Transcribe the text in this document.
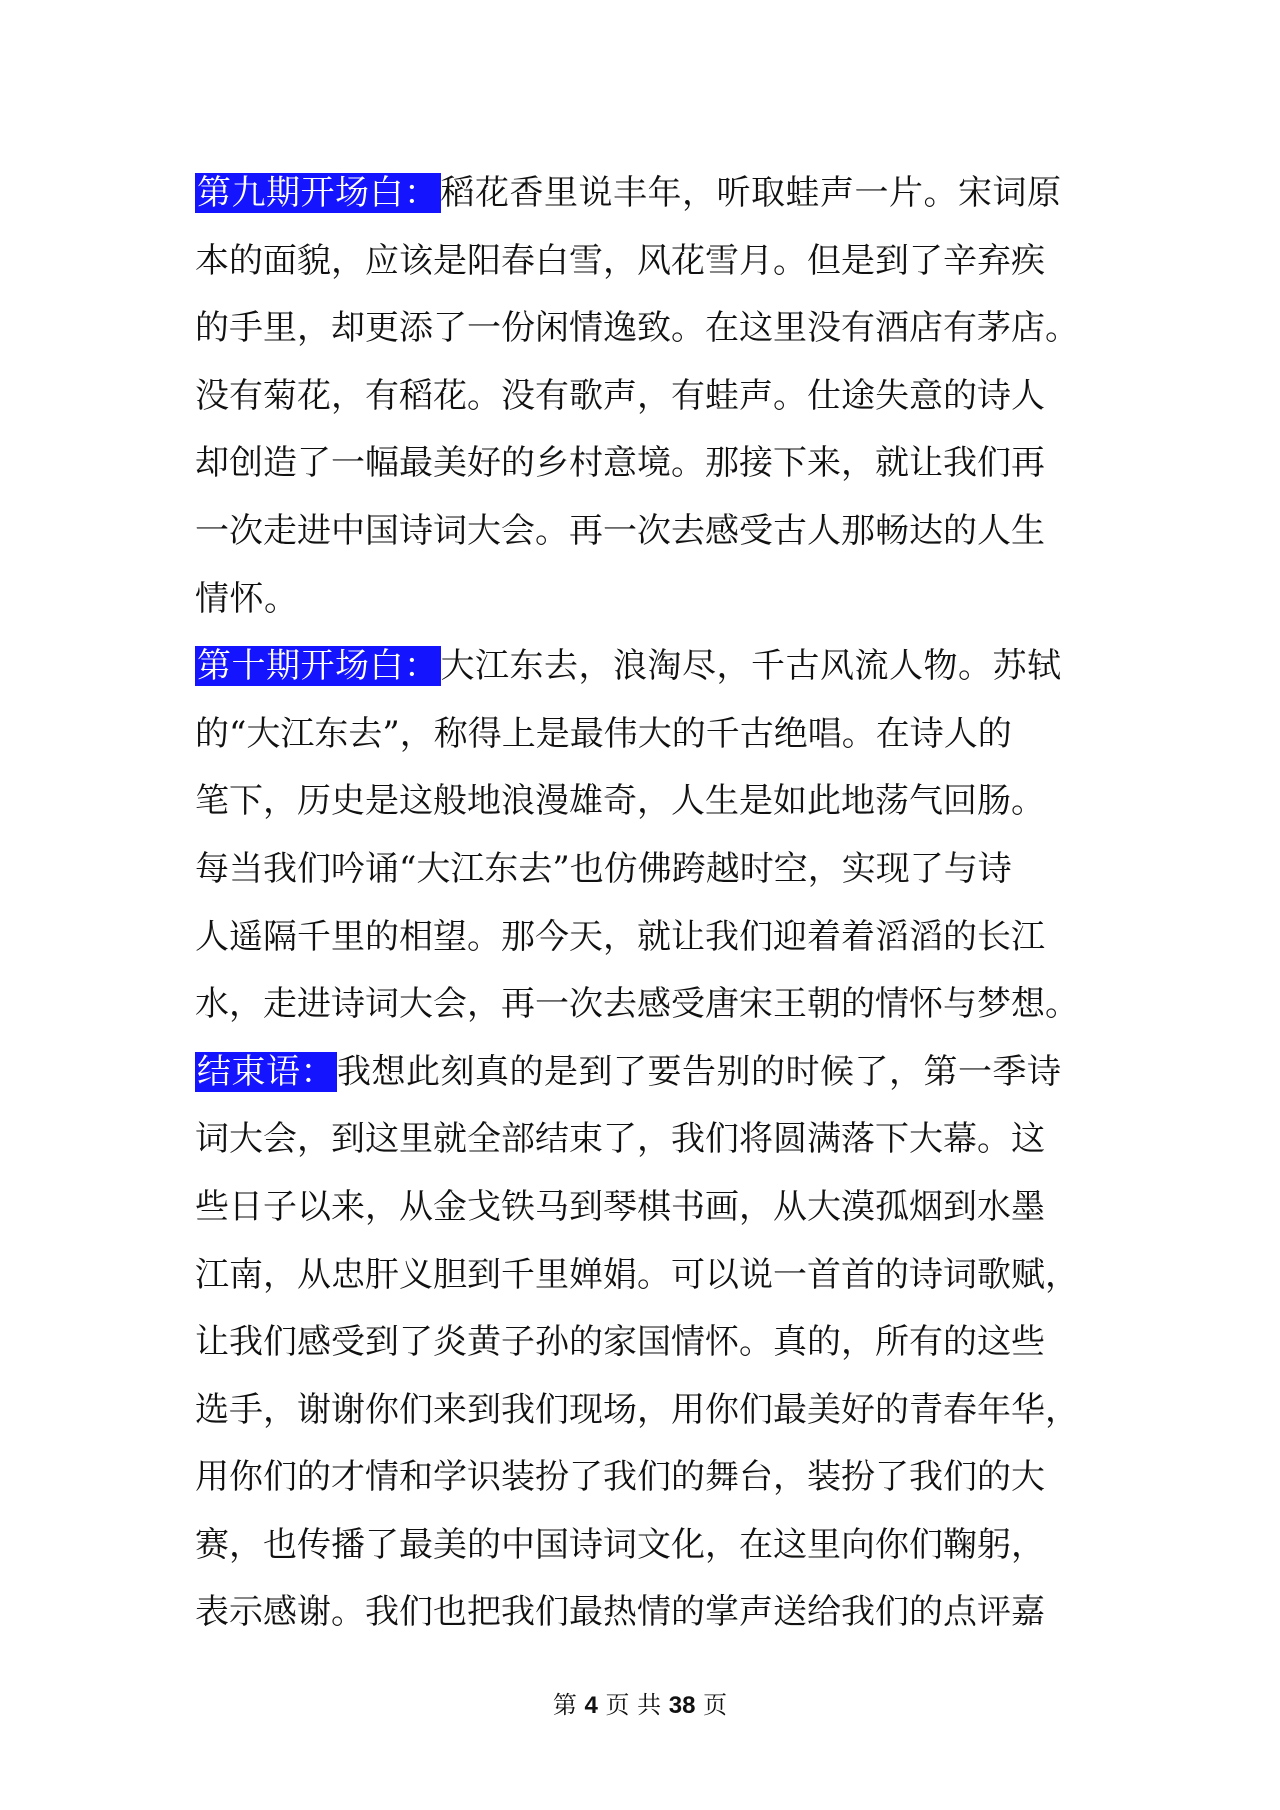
第九期开场白：稻花香里说丰年，听取蛙声一片。宋词原
本的面貌，应该是阳春白雪，风花雪月。但是到了辛弃疾
的手里，却更添了一份闲情逸致。在这里没有酒店有茅店。
没有菊花，有稻花。没有歌声，有蛙声。仕途失意的诗人
却创造了一幅最美好的乡村意境。那接下来，就让我们再
一次走进中国诗词大会。再一次去感受古人那畅达的人生
情怀。
第十期开场白：大江东去，浪淘尽，千古风流人物。苏轼
的“大江东去”，称得上是最伟大的千古绝唱。在诗人的
笔下，历史是这般地浪漫雄奇，人生是如此地荡气回肠。
每当我们吟诵“大江东去”也仿佛跨越时空，实现了与诗
人遥隔千里的相望。那今天，就让我们迎着着滔滔的长江
水，走进诗词大会，再一次去感受唐宋王朝的情怀与梦想。
结束语：我想此刻真的是到了要告别的时候了，第一季诗
词大会，到这里就全部结束了，我们将圆满落下大幕。这
些日子以来，从金戈铁马到琴棋书画，从大漠孤烟到水墨
江南，从忠肝义胆到千里婵娟。可以说一首首的诗词歌赋，
让我们感受到了炎黄子孙的家国情怀。真的，所有的这些
选手，谢谢你们来到我们现场，用你们最美好的青春年华，
用你们的才情和学识装扮了我们的舞台，装扮了我们的大
赛，也传播了最美的中国诗词文化，在这里向你们鞠躬，
表示感谢。我们也把我们最热情的掌声送给我们的点评嘉
第 4 页 共 38 页
